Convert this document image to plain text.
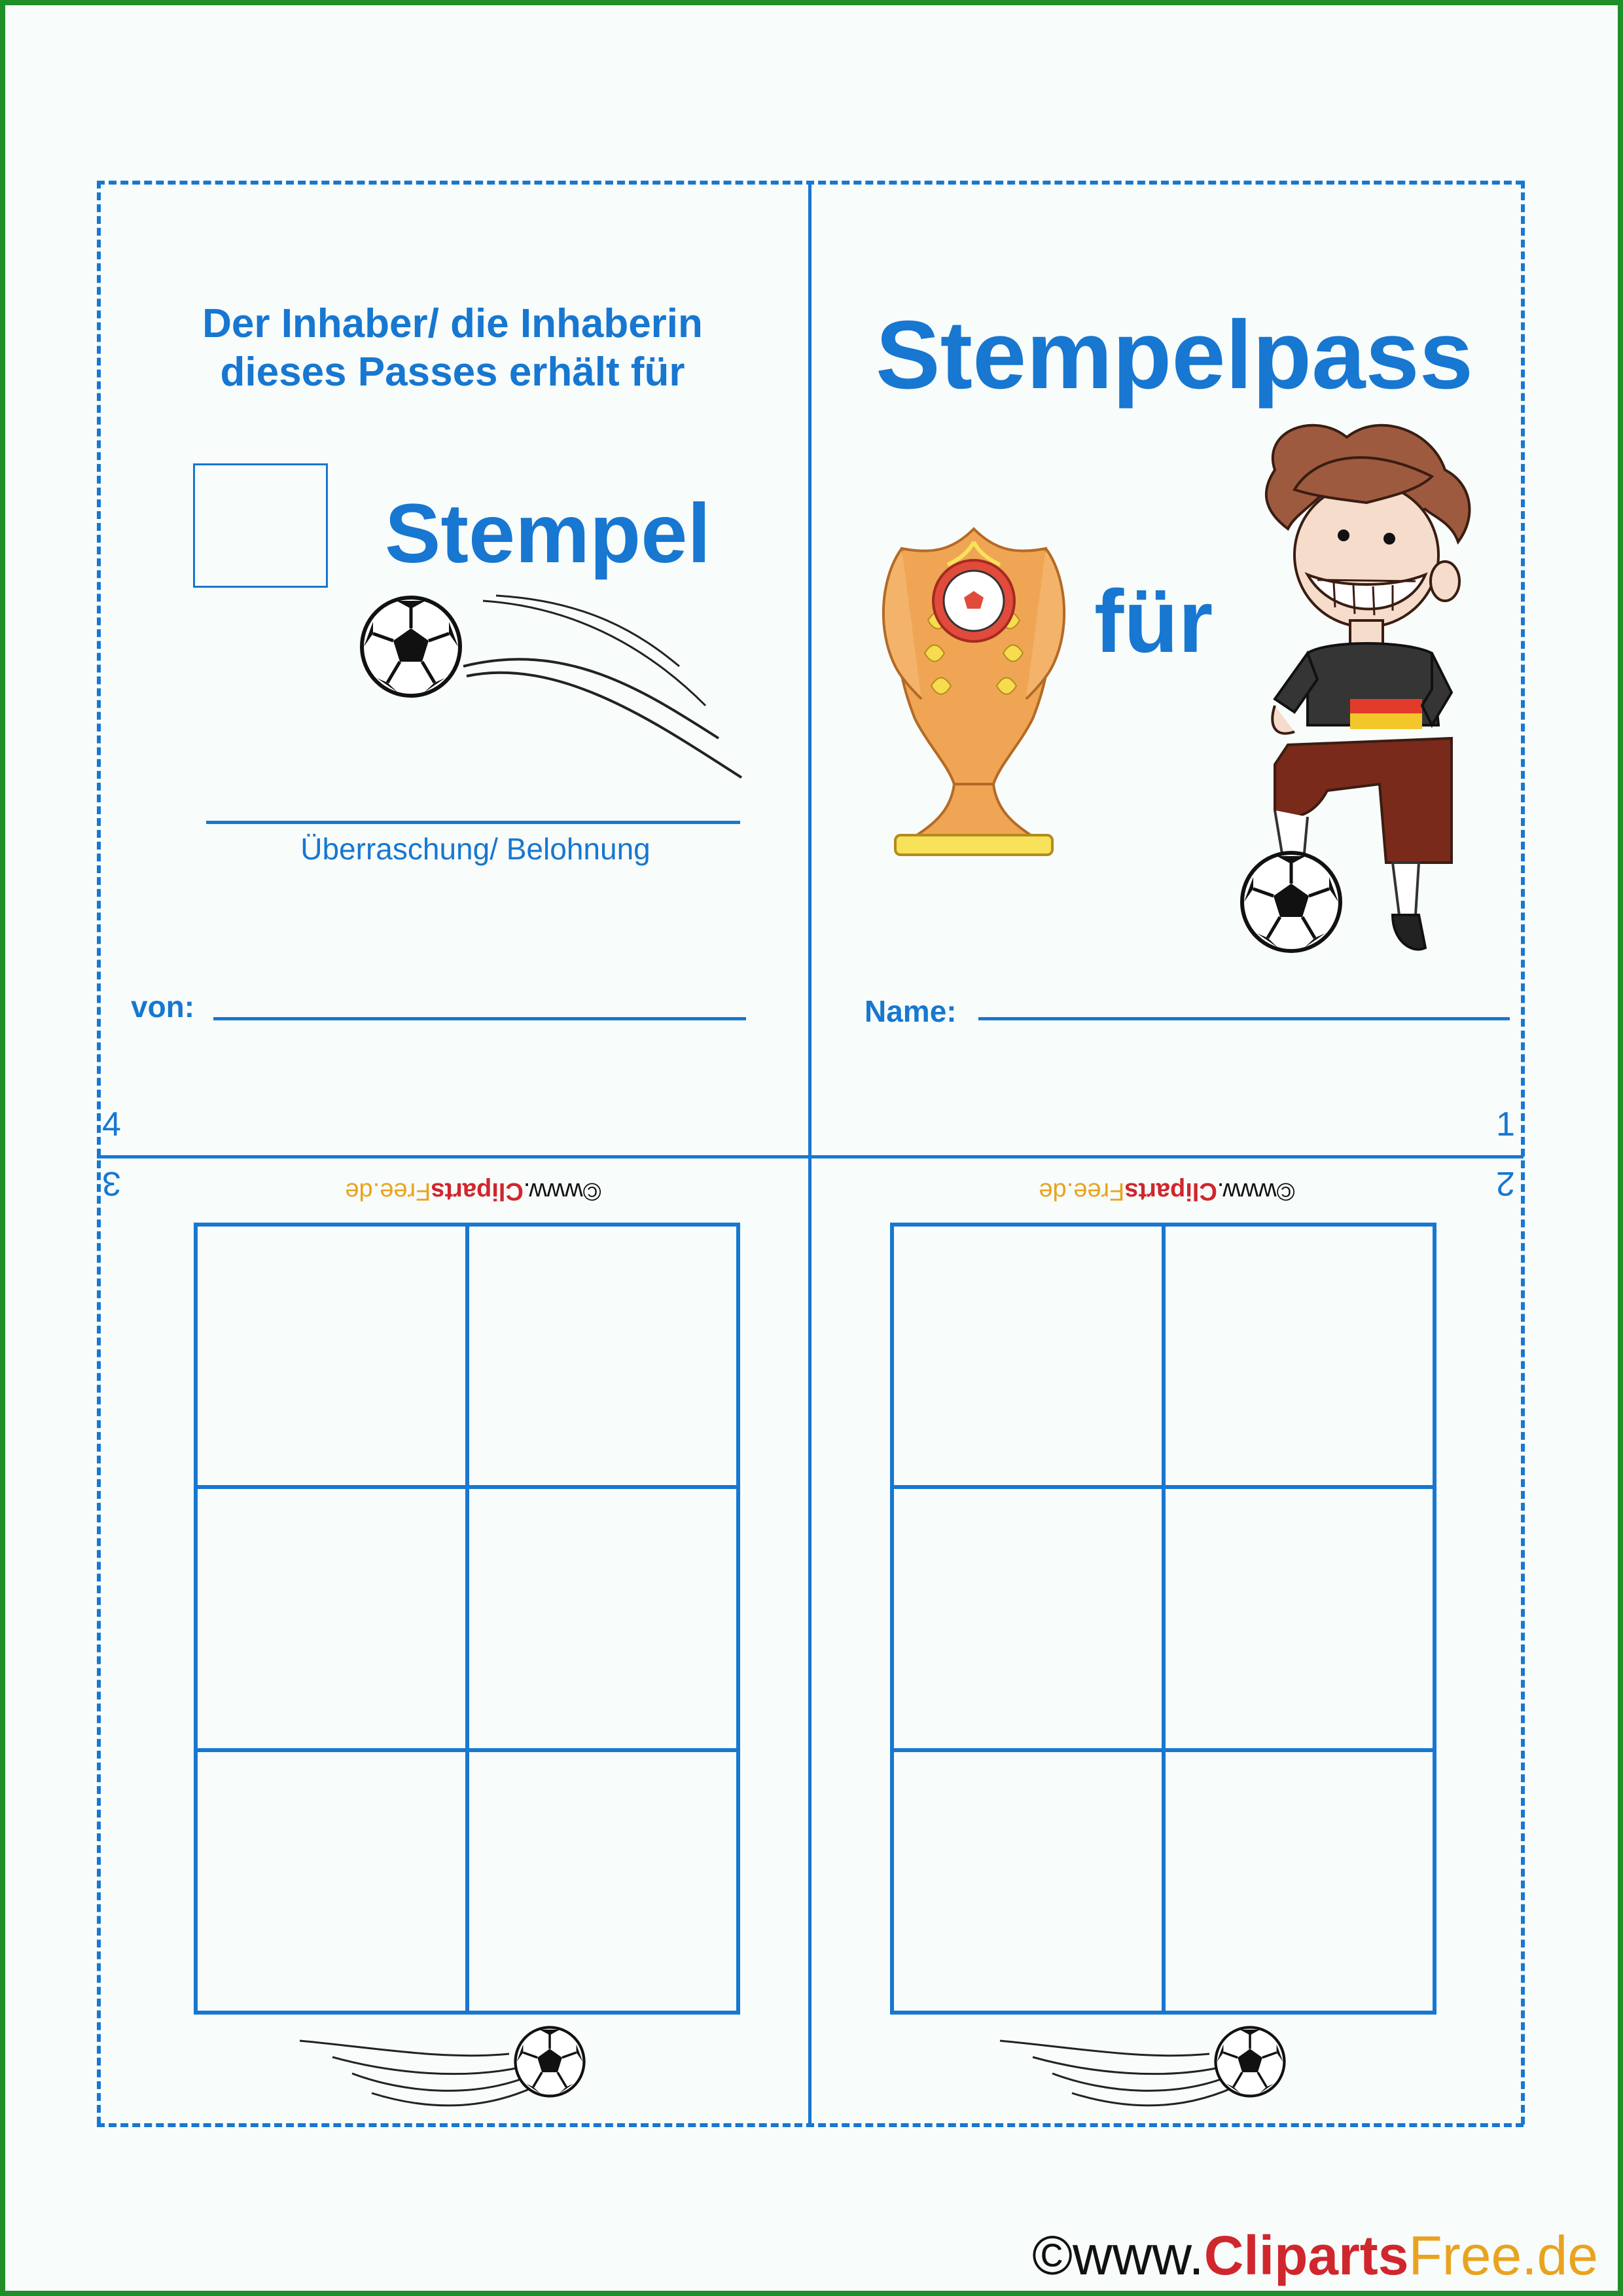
Der Inhaber/ die Inhaberin
dieses Passes erhält für
Stempel
Überraschung/ Belohnung
von:
4
Stempelpass
für
Name:
1
3	©www.ClipartsFree.de	2
©www.ClipartsFree.de
©www.ClipartsFree.de
